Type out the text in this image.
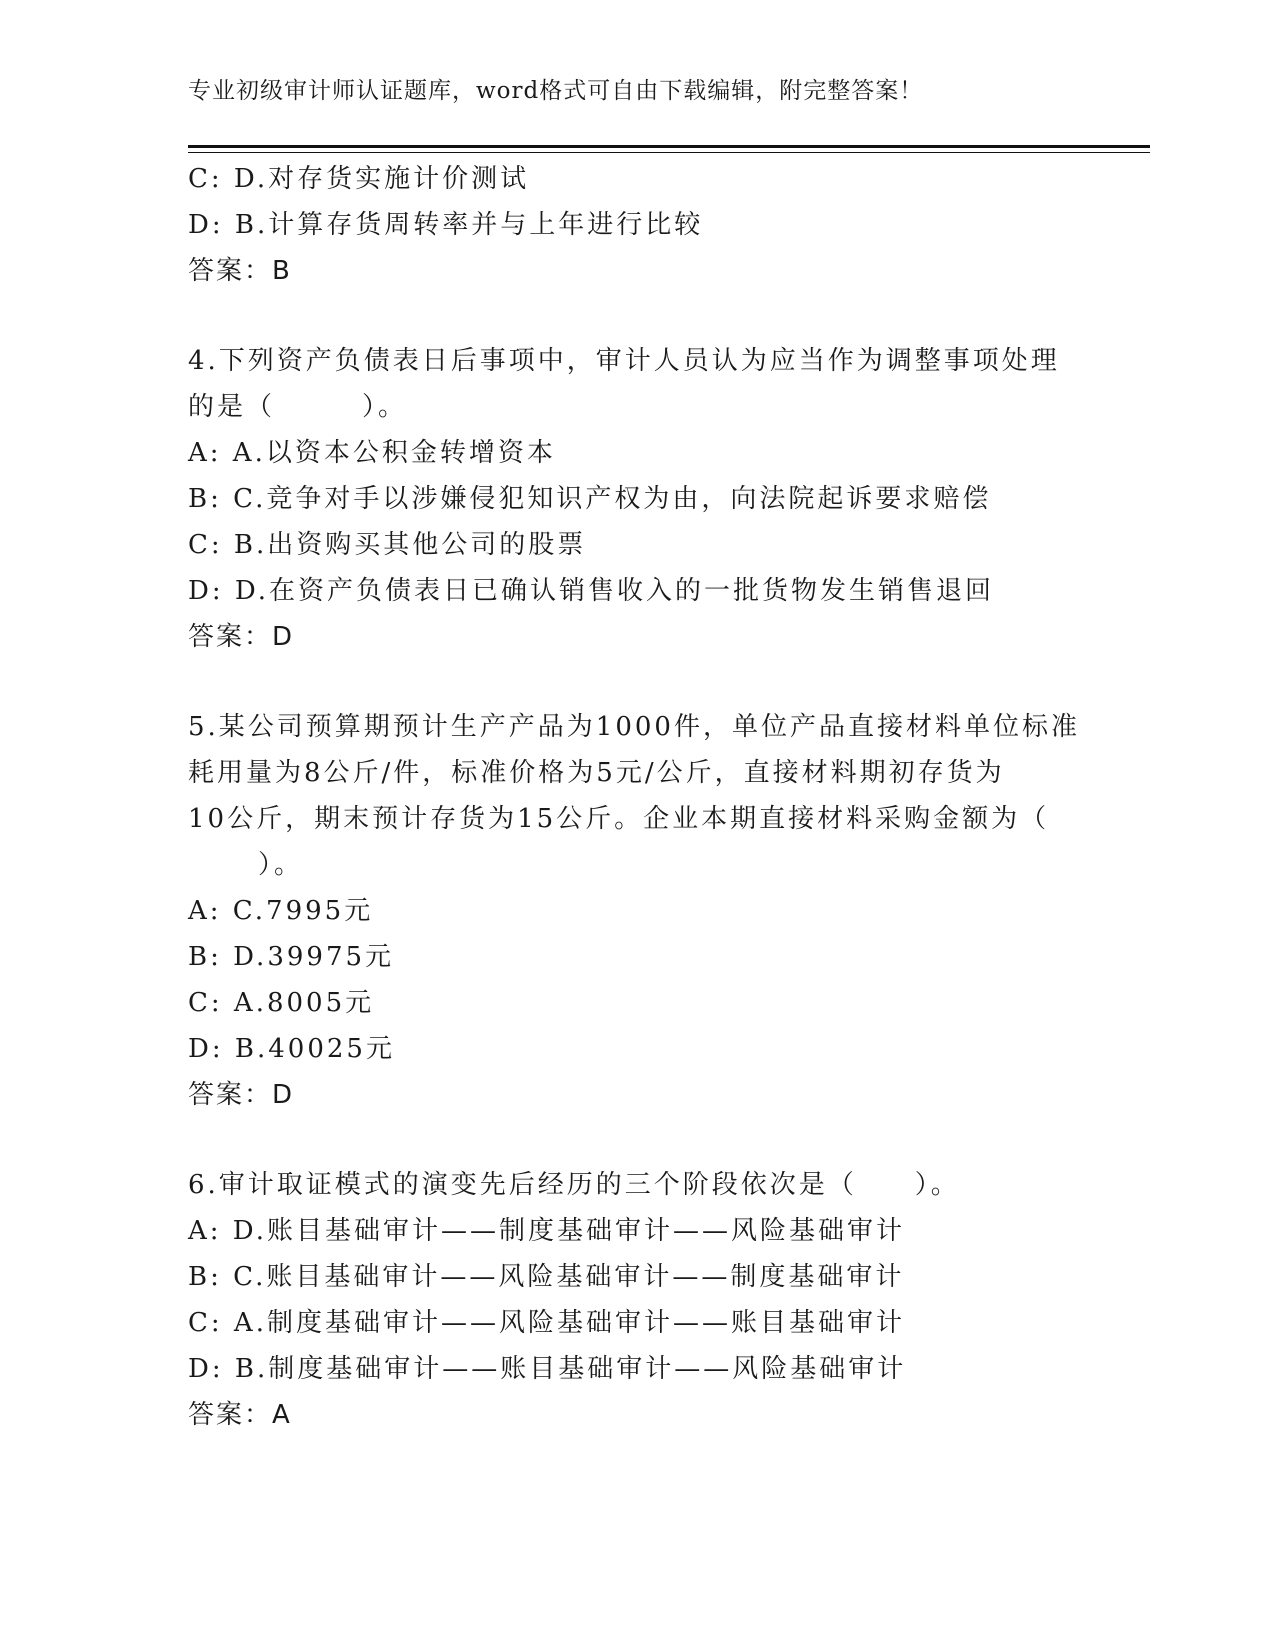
专业初级审计师认证题库，word格式可自由下载编辑，附完整答案！
C: D.对存货实施计价测试
D: B.计算存货周转率并与上年进行比较
答案：B
4.下列资产负债表日后事项中，审计人员认为应当作为调整事项处理
的是（　　　）。
A: A.以资本公积金转增资本
B: C.竞争对手以涉嫌侵犯知识产权为由，向法院起诉要求赔偿
C: B.出资购买其他公司的股票
D: D.在资产负债表日已确认销售收入的一批货物发生销售退回
答案：D
5.某公司预算期预计生产产品为1000件，单位产品直接材料单位标准
耗用量为8公斤/件，标准价格为5元/公斤，直接材料期初存货为
10公斤，期末预计存货为15公斤。企业本期直接材料采购金额为（
）。
A: C.7995元
B: D.39975元
C: A.8005元
D: B.40025元
答案：D
6.审计取证模式的演变先后经历的三个阶段依次是（　　）。
A: D.账目基础审计——制度基础审计——风险基础审计
B: C.账目基础审计——风险基础审计——制度基础审计
C: A.制度基础审计——风险基础审计——账目基础审计
D: B.制度基础审计——账目基础审计——风险基础审计
答案：A
